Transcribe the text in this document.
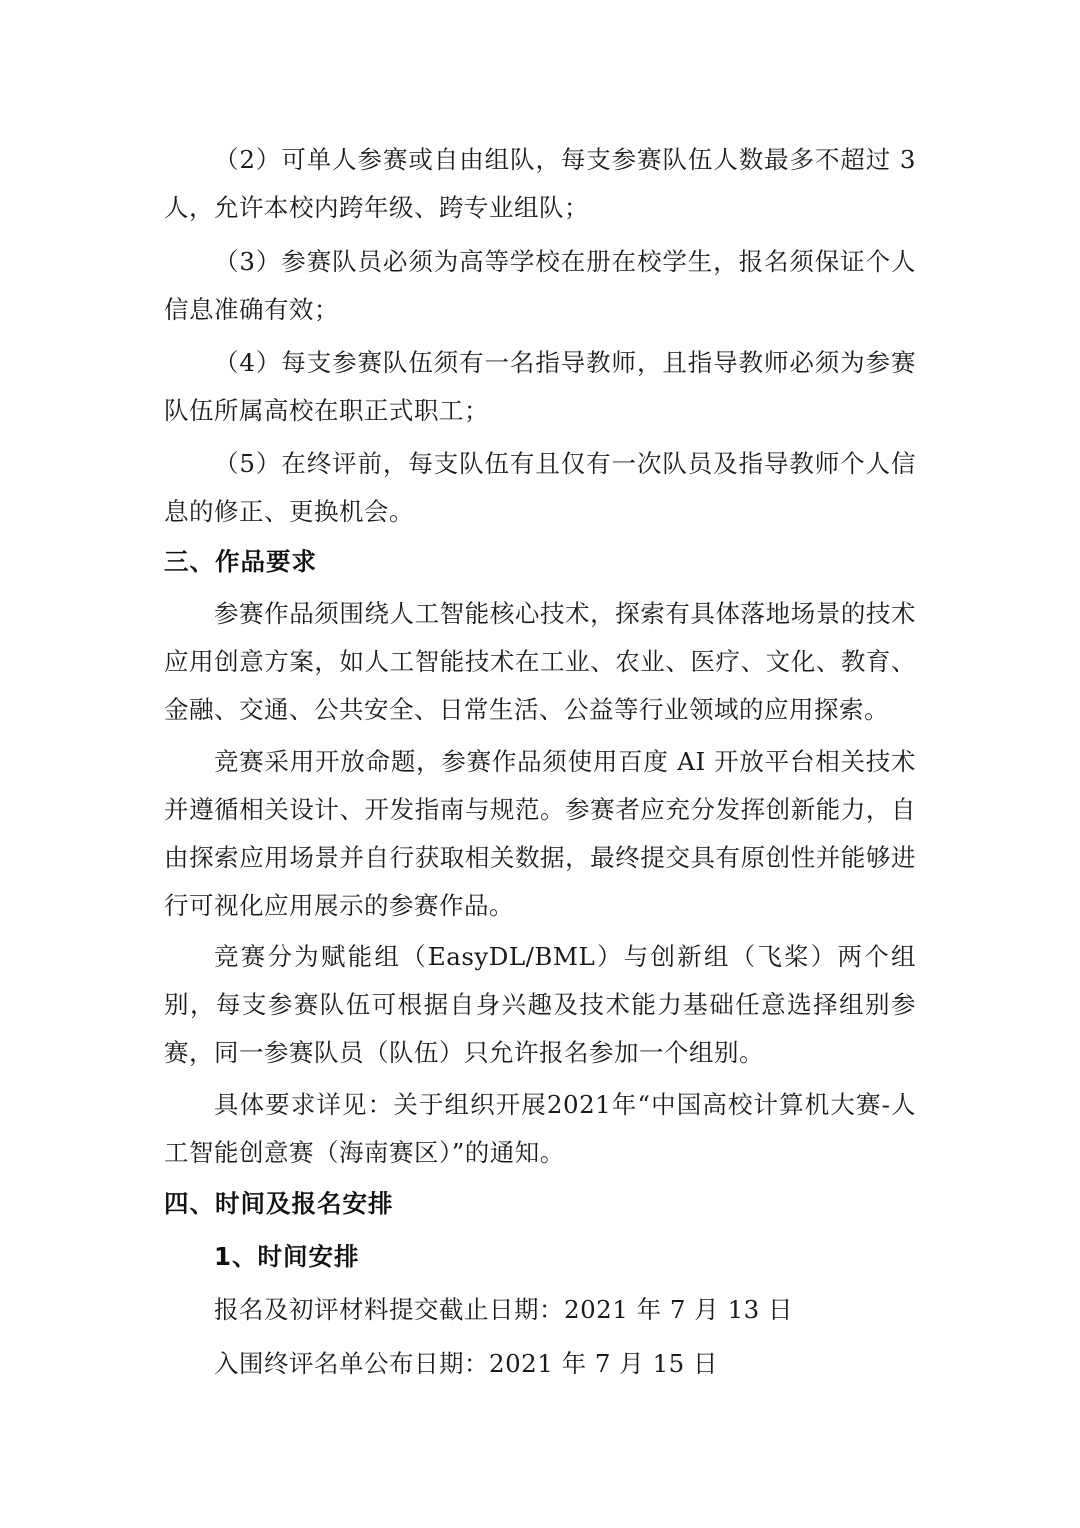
（2）可单人参赛或自由组队，每支参赛队伍人数最多不超过 3 人，允许本校内跨年级、跨专业组队；
（3）参赛队员必须为高等学校在册在校学生，报名须保证个人信息准确有效；
（4）每支参赛队伍须有一名指导教师，且指导教师必须为参赛队伍所属高校在职正式职工；
（5）在终评前，每支队伍有且仅有一次队员及指导教师个人信息的修正、更换机会。
三、作品要求
参赛作品须围绕人工智能核心技术，探索有具体落地场景的技术应用创意方案，如人工智能技术在工业、农业、医疗、文化、教育、金融、交通、公共安全、日常生活、公益等行业领域的应用探索。
竞赛采用开放命题，参赛作品须使用百度 AI 开放平台相关技术并遵循相关设计、开发指南与规范。参赛者应充分发挥创新能力，自由探索应用场景并自行获取相关数据，最终提交具有原创性并能够进行可视化应用展示的参赛作品。
竞赛分为赋能组（EasyDL/BML）与创新组（飞桨）两个组别，每支参赛队伍可根据自身兴趣及技术能力基础任意选择组别参赛，同一参赛队员（队伍）只允许报名参加一个组别。
具体要求详见：关于组织开展2021年“中国高校计算机大赛-人工智能创意赛（海南赛区）”的通知。
四、时间及报名安排
1、时间安排
报名及初评材料提交截止日期：2021 年 7 月 13 日
入围终评名单公布日期：2021 年 7 月 15 日
